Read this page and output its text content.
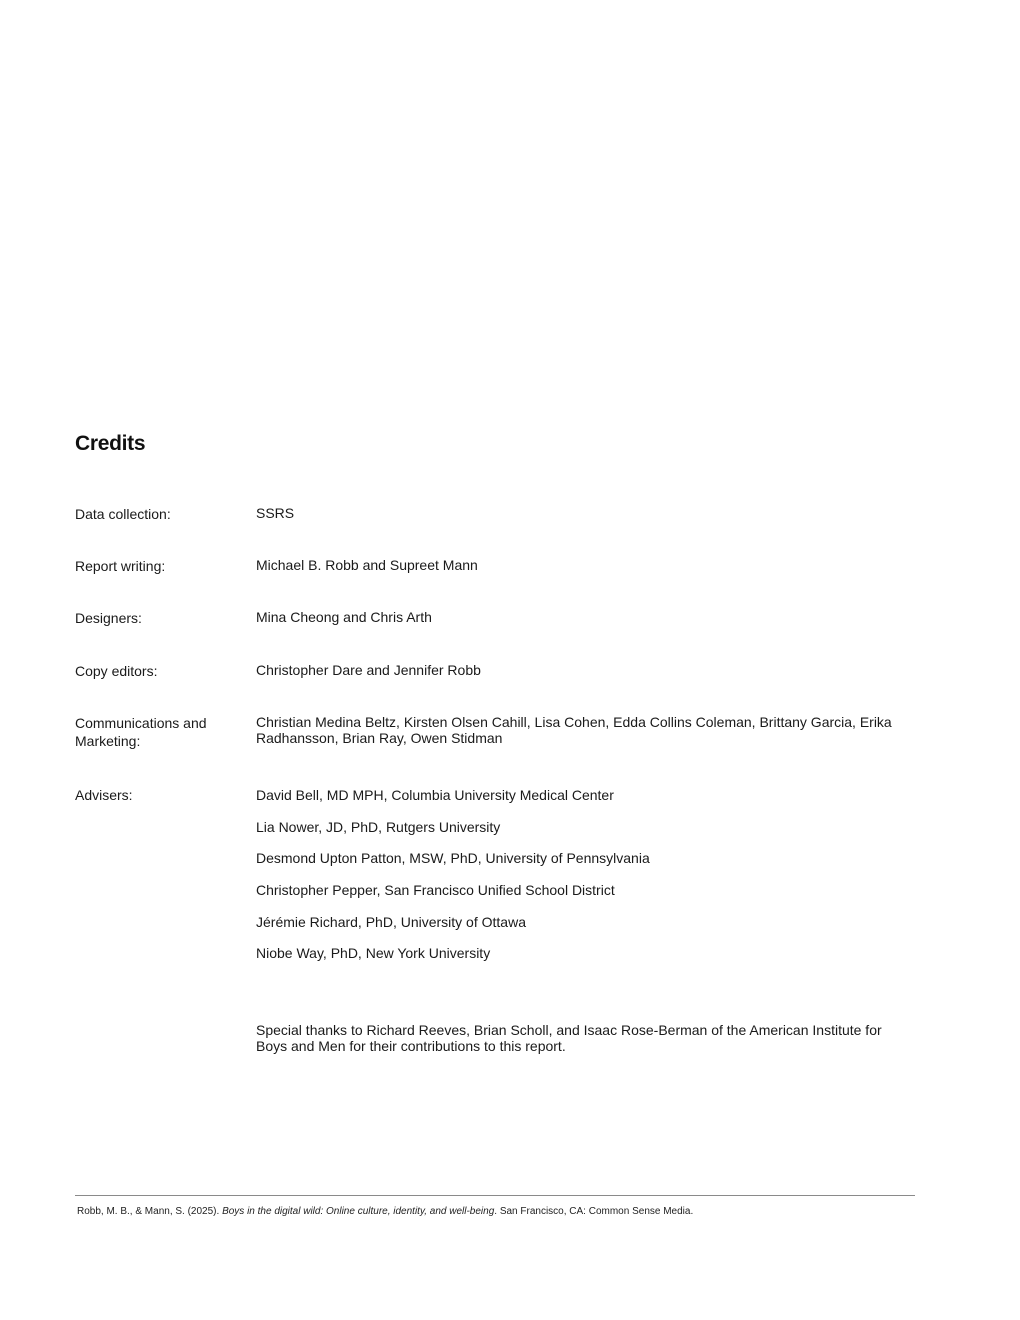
Credits
Data collection:	SSRS
Report writing:	Michael B. Robb and Supreet Mann
Designers:	Mina Cheong and Chris Arth
Copy editors:	Christopher Dare and Jennifer Robb
Communications and Marketing:
Christian Medina Beltz, Kirsten Olsen Cahill, Lisa Cohen, Edda Collins Coleman, Brittany Garcia, Erika Radhansson, Brian Ray, Owen Stidman
Advisers:	David Bell, MD MPH, Columbia University Medical Center
Lia Nower, JD, PhD, Rutgers University
Desmond Upton Patton, MSW, PhD, University of Pennsylvania
Christopher Pepper, San Francisco Unified School District
Jérémie Richard, PhD, University of Ottawa
Niobe Way, PhD, New York University
Special thanks to Richard Reeves, Brian Scholl, and Isaac Rose-Berman of the American Institute for Boys and Men for their contributions to this report.
Robb, M. B., & Mann, S. (2025). Boys in the digital wild: Online culture, identity, and well-being. San Francisco, CA: Common Sense Media.
